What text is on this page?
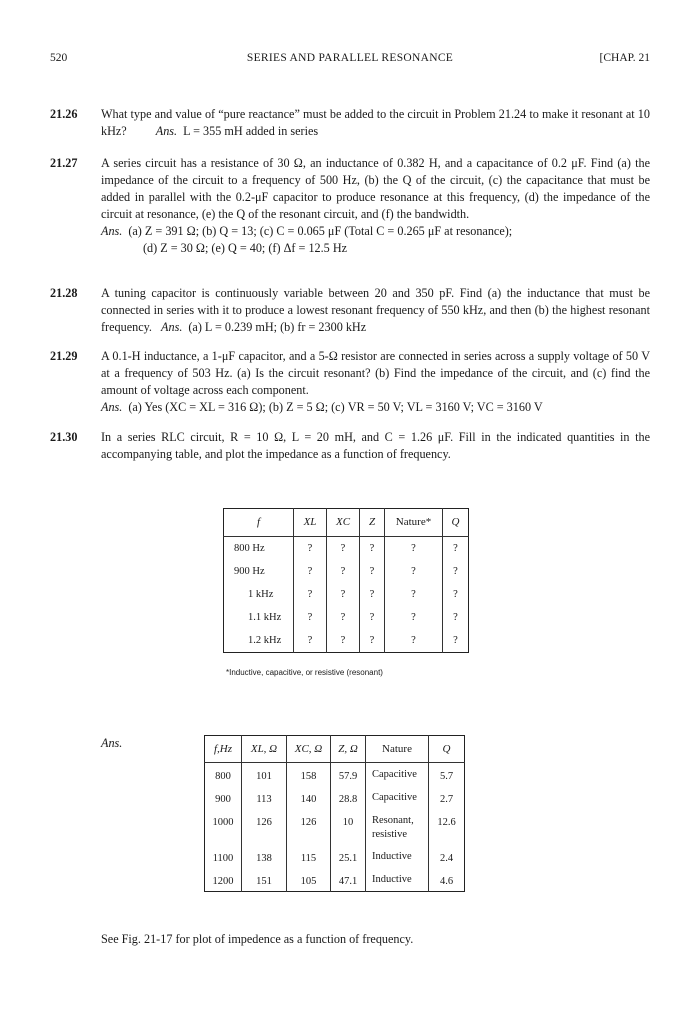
520	SERIES AND PARALLEL RESONANCE	[CHAP. 21
21.26 What type and value of “pure reactance” must be added to the circuit in Problem 21.24 to make it resonant at 10 kHz? Ans. L = 355 mH added in series
21.27 A series circuit has a resistance of 30 Ω, an inductance of 0.382 H, and a capacitance of 0.2 μF. Find (a) the impedance of the circuit to a frequency of 500 Hz, (b) the Q of the circuit, (c) the capacitance that must be added in parallel with the 0.2-μF capacitor to produce resonance at this frequency, (d) the impedance of the circuit at resonance, (e) the Q of the resonant circuit, and (f) the bandwidth.

Ans. (a) Z = 391 Ω; (b) Q = 13; (c) C = 0.065 μF (Total C = 0.265 μF at resonance);

(d) Z = 30 Ω; (e) Q = 40; (f) Δf = 12.5 Hz

21.28 A tuning capacitor is continuously variable between 20 and 350 pF. Find (a) the inductance that must be connected in series with it to produce a lowest resonant frequency of 550 kHz, and then (b) the highest resonant frequency. Ans. (a) L = 0.239 mH; (b) fr = 2300 kHz
21.29 A 0.1-H inductance, a 1-μF capacitor, and a 5-Ω resistor are connected in series across a supply voltage of 50 V at a frequency of 503 Hz. (a) Is the circuit resonant? (b) Find the impedance of the circuit, and (c) find the amount of voltage across each component.

Ans. (a) Yes (XC = XL = 316 Ω); (b) Z = 5 Ω; (c) VR = 50 V; VL = 3160 V; VC = 3160 V

21.30 In a series RLC circuit, R = 10 Ω, L = 20 mH, and C = 1.26 μF. Fill in the indicated quantities in the accompanying table, and plot the impedance as a function of frequency.

f	XL	XC	Z	Nature*	Q
800 Hz	?	?	?	?	?
900 Hz	?	?	?	?	?
1 kHz	?	?	?	?	?
1.1 kHz	?	?	?	?	?
1.2 kHz	?	?	?	?	?
*Inductive, capacitive, or resistive (resonant)
Ans.	f,Hz	XL, Ω	XC, Ω	Z, Ω	Nature	Q
800	101	158	57.9	Capacitive	5.7
900	113	140	28.8	Capacitive	2.7
1000	126	126	10	Resonant, resistive	12.6
1100	138	115	25.1	Inductive	2.4
1200	151	105	47.1	Inductive	4.6
See Fig. 21-17 for plot of impedence as a function of frequency.
